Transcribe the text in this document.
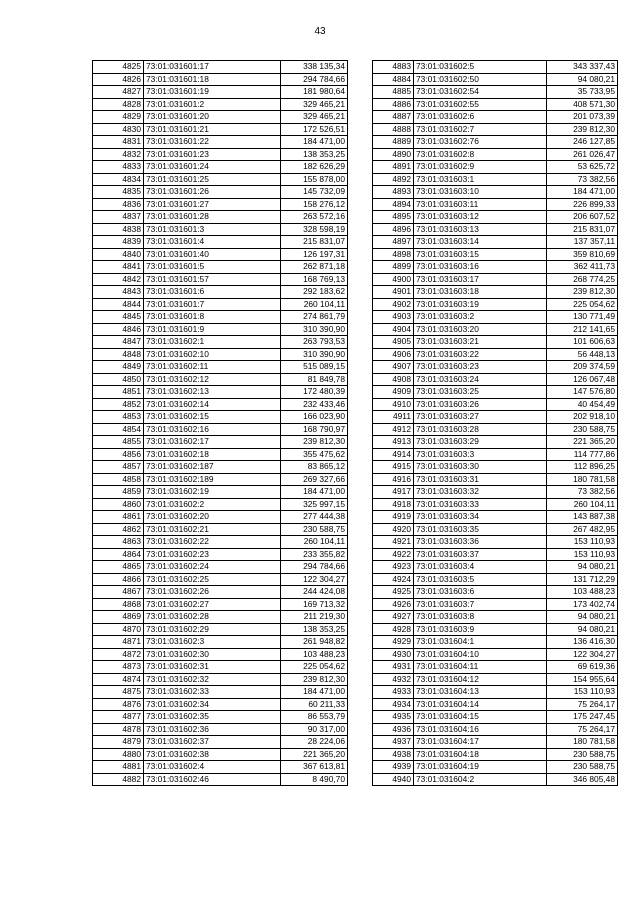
43
4825	73:01:031601:17	338 135,34
4826	73:01:031601:18	294 784,66
4827	73:01:031601:19	181 980,64
4828	73:01:031601:2	329 465,21
4829	73:01:031601:20	329 465,21
4830	73:01:031601:21	172 526,51
4831	73:01:031601:22	184 471,00
4832	73:01:031601:23	138 353,25
4833	73:01:031601:24	182 626,29
4834	73:01:031601:25	155 878,00
4835	73:01:031601:26	145 732,09
4836	73:01:031601:27	158 276,12
4837	73:01:031601:28	263 572,16
4838	73:01:031601:3	328 598,19
4839	73:01:031601:4	215 831,07
4840	73:01:031601:40	126 197,31
4841	73:01:031601:5	262 871,18
4842	73:01:031601:57	168 769,13
4843	73:01:031601:6	292 183,62
4844	73:01:031601:7	260 104,11
4845	73:01:031601:8	274 861,79
4846	73:01:031601:9	310 390,90
4847	73:01:031602:1	263 793,53
4848	73:01:031602:10	310 390,90
4849	73:01:031602:11	515 089,15
4850	73:01:031602:12	81 849,78
4851	73:01:031602:13	172 480,39
4852	73:01:031602:14	232 433,46
4853	73:01:031602:15	166 023,90
4854	73:01:031602:16	168 790,97
4855	73:01:031602:17	239 812,30
4856	73:01:031602:18	355 475,62
4857	73:01:031602:187	83 865,12
4858	73:01:031602:189	269 327,66
4859	73:01:031602:19	184 471,00
4860	73:01:031602:2	325 997,15
4861	73:01:031602:20	277 444,38
4862	73:01:031602:21	230 588,75
4863	73:01:031602:22	260 104,11
4864	73:01:031602:23	233 355,82
4865	73:01:031602:24	294 784,66
4866	73:01:031602:25	122 304,27
4867	73:01:031602:26	244 424,08
4868	73:01:031602:27	169 713,32
4869	73:01:031602:28	211 219,30
4870	73:01:031602:29	138 353,25
4871	73:01:031602:3	261 948,82
4872	73:01:031602:30	103 488,23
4873	73:01:031602:31	225 054,62
4874	73:01:031602:32	239 812,30
4875	73:01:031602:33	184 471,00
4876	73:01:031602:34	60 211,33
4877	73:01:031602:35	86 553,79
4878	73:01:031602:36	90 317,00
4879	73:01:031602:37	28 224,06
4880	73:01:031602:38	221 365,20
4881	73:01:031602:4	367 613,81
4882	73:01:031602:46	8 490,70
4883	73:01:031602:5	343 337,43
4884	73:01:031602:50	94 080,21
4885	73:01:031602:54	35 733,95
4886	73:01:031602:55	408 571,30
4887	73:01:031602:6	201 073,39
4888	73:01:031602:7	239 812,30
4889	73:01:031602:76	246 127,85
4890	73:01:031602:8	261 026,47
4891	73:01:031602:9	53 625,72
4892	73:01:031603:1	73 382,56
4893	73:01:031603:10	184 471,00
4894	73:01:031603:11	226 899,33
4895	73:01:031603:12	206 607,52
4896	73:01:031603:13	215 831,07
4897	73:01:031603:14	137 357,11
4898	73:01:031603:15	359 810,69
4899	73:01:031603:16	362 411,73
4900	73:01:031603:17	268 774,25
4901	73:01:031603:18	239 812,30
4902	73:01:031603:19	225 054,62
4903	73:01:031603:2	130 771,49
4904	73:01:031603:20	212 141,65
4905	73:01:031603:21	101 606,63
4906	73:01:031603:22	56 448,13
4907	73:01:031603:23	209 374,59
4908	73:01:031603:24	126 067,48
4909	73:01:031603:25	147 576,80
4910	73:01:031603:26	40 454,49
4911	73:01:031603:27	202 918,10
4912	73:01:031603:28	230 588,75
4913	73:01:031603:29	221 365,20
4914	73:01:031603:3	114 777,86
4915	73:01:031603:30	112 896,25
4916	73:01:031603:31	180 781,58
4917	73:01:031603:32	73 382,56
4918	73:01:031603:33	260 104,11
4919	73:01:031603:34	143 887,38
4920	73:01:031603:35	267 482,95
4921	73:01:031603:36	153 110,93
4922	73:01:031603:37	153 110,93
4923	73:01:031603:4	94 080,21
4924	73:01:031603:5	131 712,29
4925	73:01:031603:6	103 488,23
4926	73:01:031603:7	173 402,74
4927	73:01:031603:8	94 080,21
4928	73:01:031603:9	94 080,21
4929	73:01:031604:1	136 416,30
4930	73:01:031604:10	122 304,27
4931	73:01:031604:11	69 619,36
4932	73:01:031604:12	154 955,64
4933	73:01:031604:13	153 110,93
4934	73:01:031604:14	75 264,17
4935	73:01:031604:15	175 247,45
4936	73:01:031604:16	75 264,17
4937	73:01:031604:17	180 781,58
4938	73:01:031604:18	230 588,75
4939	73:01:031604:19	230 588,75
4940	73:01:031604:2	346 805,48
